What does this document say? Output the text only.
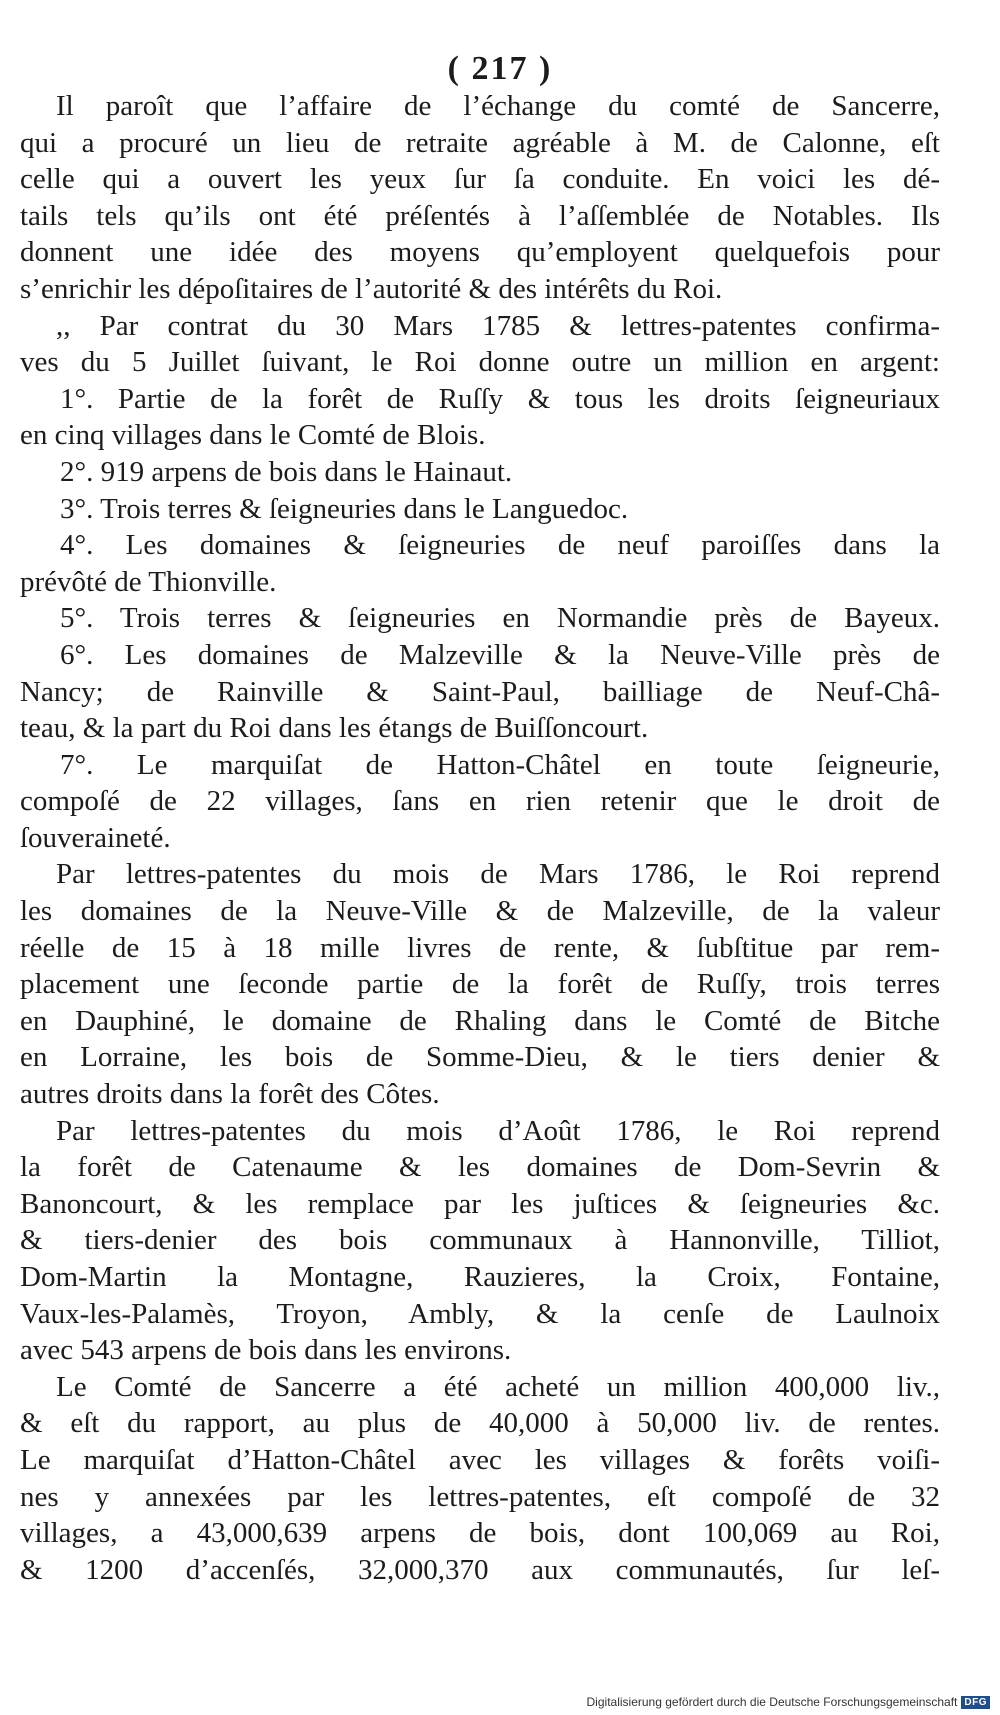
( 217 )
Il paroît que l’affaire de l’échange du comté de Sancerre,
qui a procuré un lieu de retraite agréable à M. de Calonne, eſt
celle qui a ouvert les yeux ſur ſa conduite. En voici les dé-
tails tels qu’ils ont été préſentés à l’aſſemblée de Notables. Ils
donnent une idée des moyens qu’employent quelquefois pour
s’enrichir les dépoſitaires de l’autorité & des intérêts du Roi.
,, Par contrat du 30 Mars 1785 & lettres-patentes confirma-
ves du 5 Juillet ſuivant, le Roi donne outre un million en argent:
1°. Partie de la forêt de Ruſſy & tous les droits ſeigneuriaux
en cinq villages dans le Comté de Blois.
2°. 919 arpens de bois dans le Hainaut.
3°. Trois terres & ſeigneuries dans le Languedoc.
4°. Les domaines & ſeigneuries de neuf paroiſſes dans la
prévôté de Thionville.
5°. Trois terres & ſeigneuries en Normandie près de Bayeux.
6°. Les domaines de Malzeville & la Neuve-Ville près de
Nancy; de Rainville & Saint-Paul, bailliage de Neuf-Châ-
teau, & la part du Roi dans les étangs de Buiſſoncourt.
7°. Le marquiſat de Hatton-Châtel en toute ſeigneurie,
compoſé de 22 villages, ſans en rien retenir que le droit de
ſouveraineté.
Par lettres-patentes du mois de Mars 1786, le Roi reprend
les domaines de la Neuve-Ville & de Malzeville, de la valeur
réelle de 15 à 18 mille livres de rente, & ſubſtitue par rem-
placement une ſeconde partie de la forêt de Ruſſy, trois terres
en Dauphiné, le domaine de Rhaling dans le Comté de Bitche
en Lorraine, les bois de Somme-Dieu, & le tiers denier &
autres droits dans la forêt des Côtes.
Par lettres-patentes du mois d’Août 1786, le Roi reprend
la forêt de Catenaume & les domaines de Dom-Sevrin &
Banoncourt, & les remplace par les juſtices & ſeigneuries &c.
& tiers-denier des bois communaux à Hannonville, Tilliot,
Dom-Martin la Montagne, Rauzieres, la Croix, Fontaine,
Vaux-les-Palamès, Troyon, Ambly, & la cenſe de Laulnoix
avec 543 arpens de bois dans les environs.
Le Comté de Sancerre a été acheté un million 400,000 liv.,
& eſt du rapport, au plus de 40,000 à 50,000 liv. de rentes.
Le marquiſat d’Hatton-Châtel avec les villages & forêts voiſi-
nes y annexées par les lettres-patentes, eſt compoſé de 32
villages, a 43,000,639 arpens de bois, dont 100,069 au Roi,
& 1200 d’accenſés, 32,000,370 aux communautés, ſur leſ-
Digitalisierung gefördert durch die Deutsche Forschungsgemeinschaft DFG
